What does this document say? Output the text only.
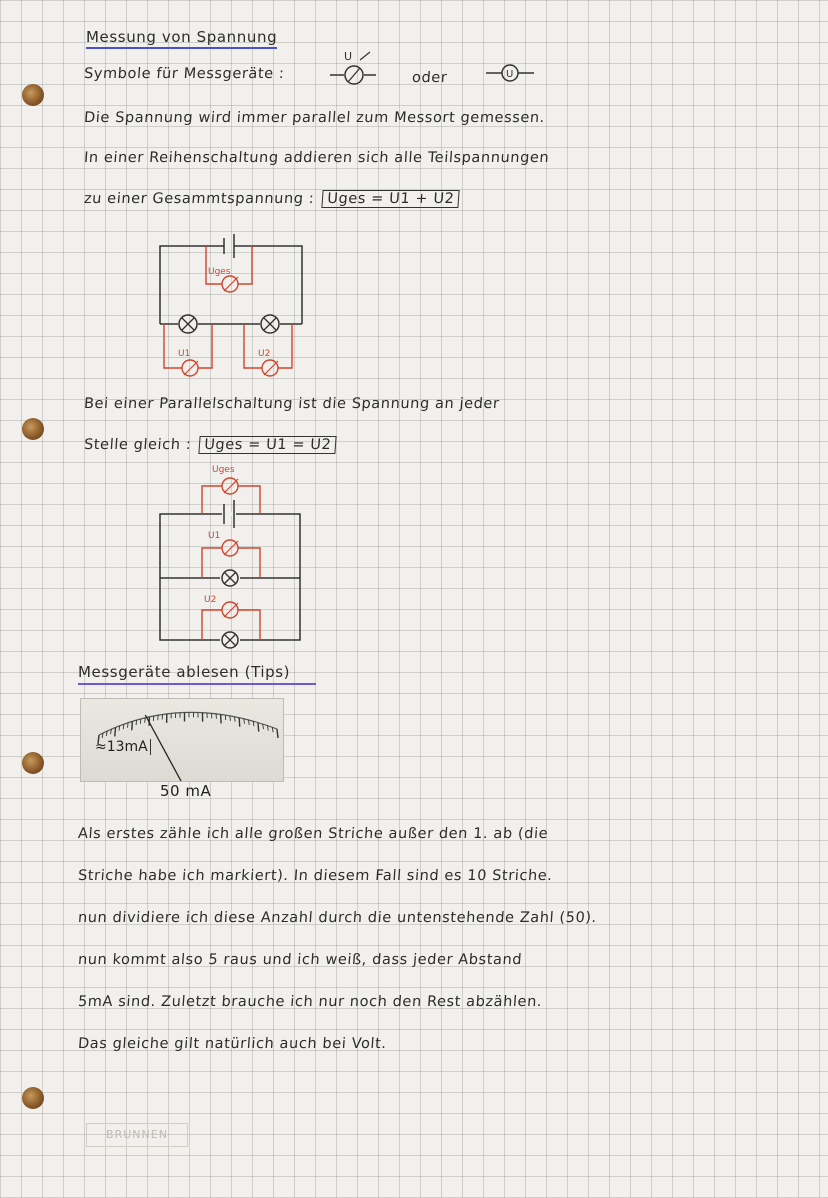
Messung von Spannung
Symbole für Messgeräte :
U
oder	U
Die Spannung wird immer parallel zum Messort gemessen.
In einer Reihenschaltung addieren sich alle Teilspannungen
zu einer Gesammtspannung : Uges = U1 + U2
Uges
U1	U2
Bei einer Parallelschaltung ist die Spannung an jeder
Stelle gleich : Uges = U1 = U2
Uges
U1
U2
Messgeräte ablesen (Tips)
≈13mA
50 mA
Als erstes zähle ich alle großen Striche außer den 1. ab (die
Striche habe ich markiert). In diesem Fall sind es 10 Striche.
nun dividiere ich diese Anzahl durch die untenstehende Zahl (50).
nun kommt also 5 raus und ich weiß, dass jeder Abstand
5mA sind. Zuletzt brauche ich nur noch den Rest abzählen.
Das gleiche gilt natürlich auch bei Volt.
BRUNNEN
